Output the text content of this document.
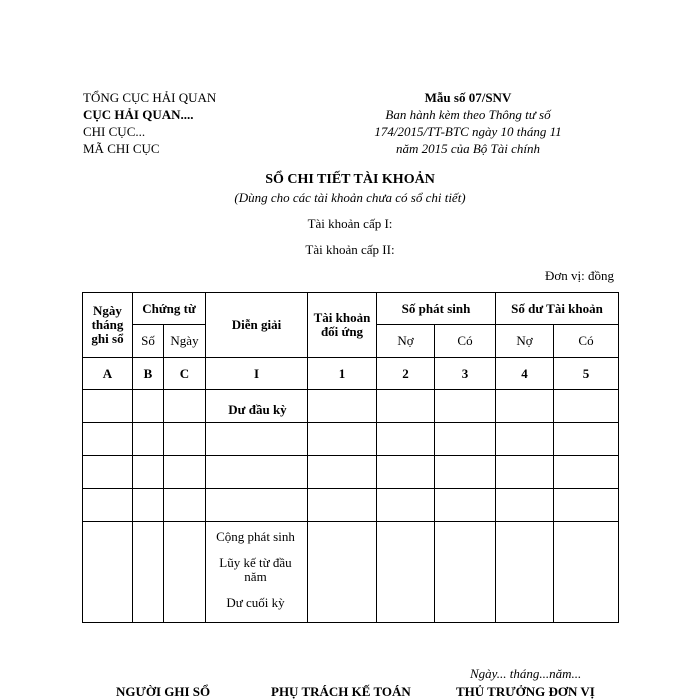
TỔNG CỤC HẢI QUAN
CỤC HẢI QUAN....
CHI CỤC...
MÃ CHI CỤC
Mẫu số 07/SNV
Ban hành kèm theo Thông tư số
174/2015/TT-BTC ngày 10 tháng 11
năm 2015 của Bộ Tài chính
SỔ CHI TIẾT TÀI KHOẢN
(Dùng cho các tài khoản chưa có sổ chi tiết)
Tài khoản cấp I:
Tài khoản cấp II:
Đơn vị: đồng
Ngày tháng ghi sổ	Chứng từ		Diễn giải	Tài khoản đối ứng	Số phát sinh		Số dư Tài khoản	
	Số	Ngày			Nợ	Có	Nợ	Có
A	B	C	I	1	2	3	4	5

			Dư đầu kỳ					

			Cộng phát sinh
Lũy kế từ đầu năm
Dư cuối kỳ					

Ngày... tháng...năm...
NGƯỜI GHI SỔ	PHỤ TRÁCH KẾ TOÁN	THỦ TRƯỞNG ĐƠN VỊ
